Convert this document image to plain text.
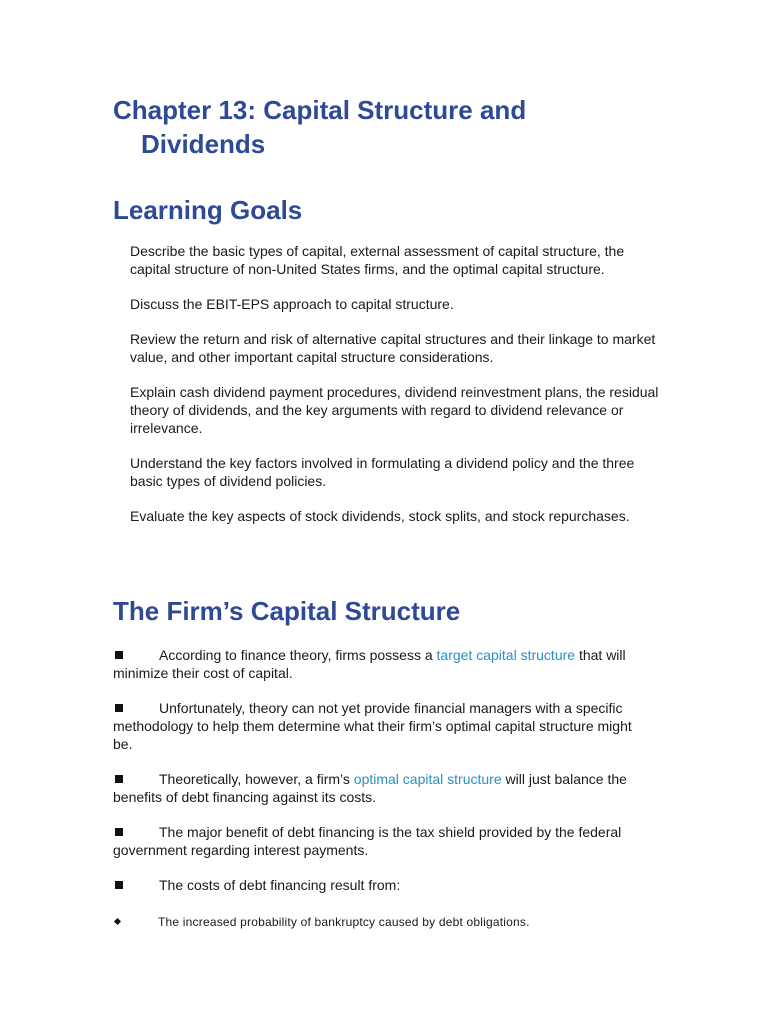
Chapter 13: Capital Structure and
Dividends
Learning Goals
Describe the basic types of capital, external assessment of capital structure, the capital structure of non-United States firms, and the optimal capital structure.
Discuss the EBIT-EPS approach to capital structure.
Review the return and risk of alternative capital structures and their linkage to market value, and other important capital structure considerations.
Explain cash dividend payment procedures, dividend reinvestment plans, the residual theory of dividends, and the key arguments with regard to dividend relevance or irrelevance.
Understand the key factors involved in formulating a dividend policy and the three basic types of dividend policies.
Evaluate the key aspects of stock dividends, stock splits, and stock repurchases.
The Firm’s Capital Structure
According to finance theory, firms possess a target capital structure that will minimize their cost of capital.
Unfortunately, theory can not yet provide financial managers with a specific methodology to help them determine what their firm’s optimal capital structure might be.
Theoretically, however, a firm’s optimal capital structure will just balance the benefits of debt financing against its costs.
The major benefit of debt financing is the tax shield provided by the federal government regarding interest payments.
The costs of debt financing result from:
The increased probability of bankruptcy caused by debt obligations.
